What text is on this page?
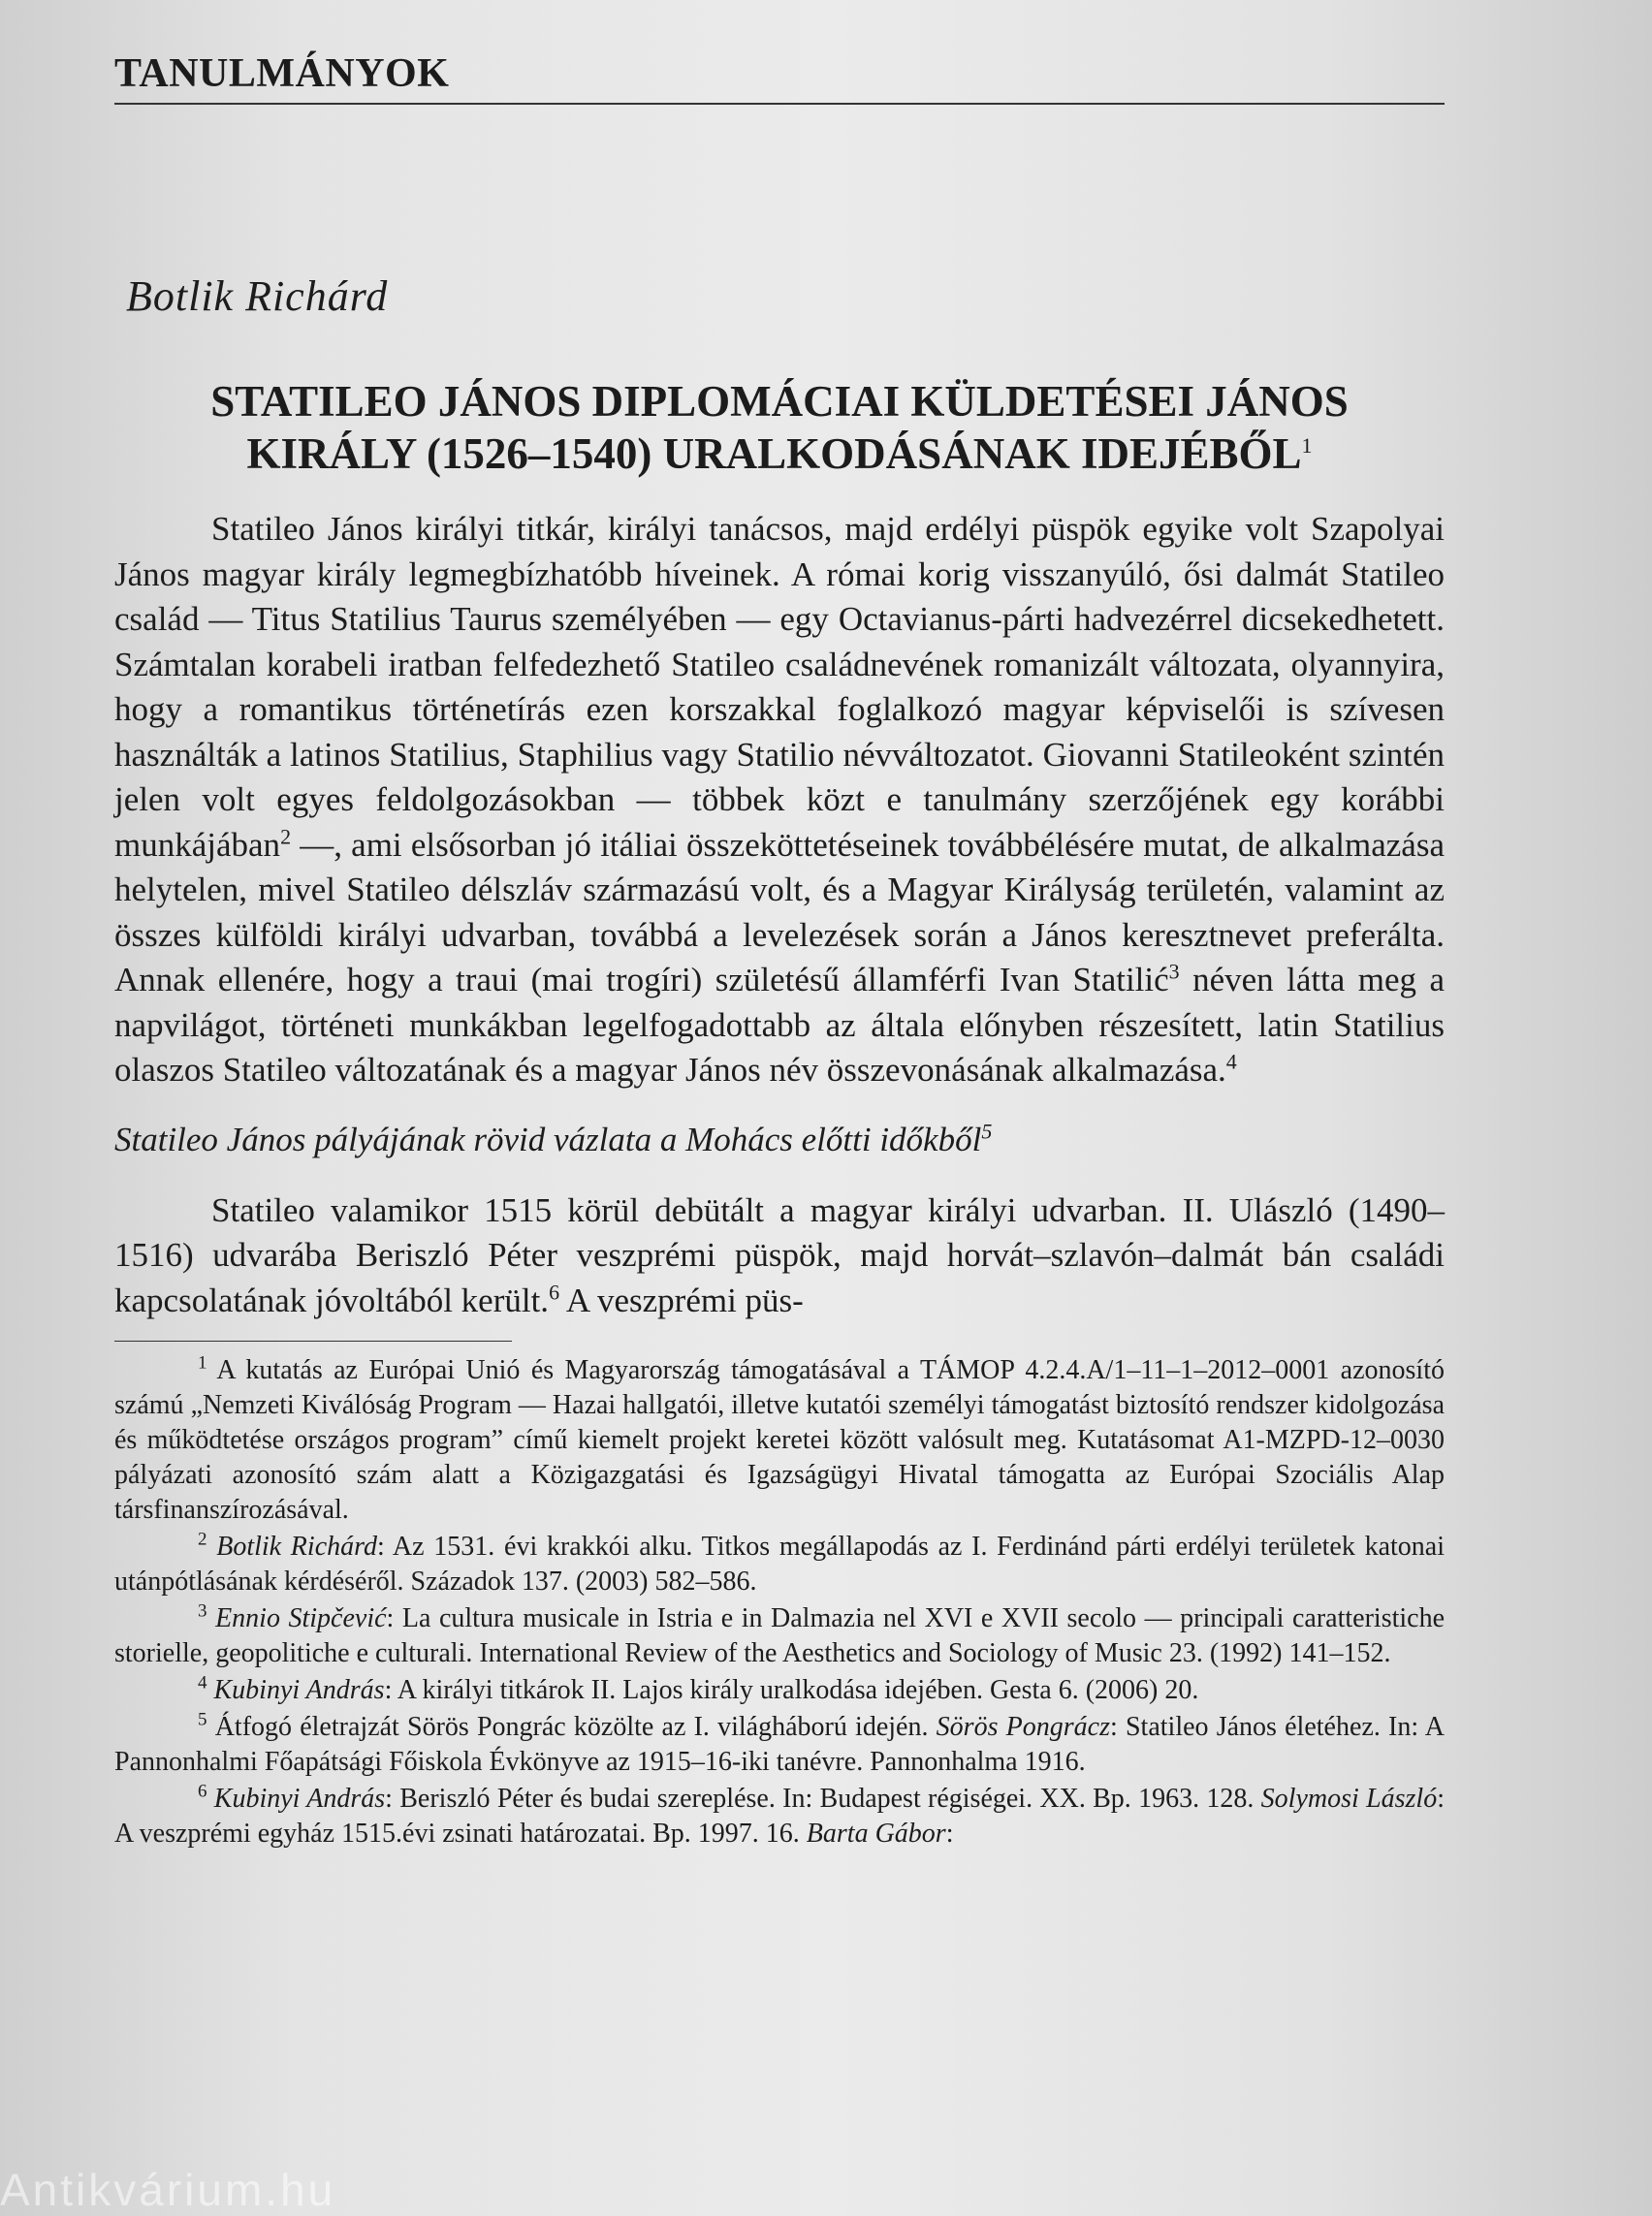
TANULMÁNYOK
Botlik Richárd
STATILEO JÁNOS DIPLOMÁCIAI KÜLDETÉSEI JÁNOS
KIRÁLY (1526–1540) URALKODÁSÁNAK IDEJÉBŐL$^1$

Statileo János királyi titkár, királyi tanácsos, majd erdélyi püspök egyike volt Szapolyai János magyar király legmegbízhatóbb híveinek. A római korig visszanyúló, ősi dalmát Statileo család — Titus Statilius Taurus személyében — egy Octavianus-párti hadvezérrel dicsekedhetett. Számtalan korabeli iratban felfedezhető Statileo családnevének romanizált változata, olyannyira, hogy a romantikus történetírás ezen korszakkal foglalkozó magyar képviselői is szívesen használták a latinos Statilius, Staphilius vagy Statilio névváltozatot. Giovanni Statileoként szintén jelen volt egyes feldolgozásokban — többek közt e tanulmány szerzőjének egy korábbi munkájában$^2$ —, ami elsősorban jó itáliai összeköttetéseinek továbbélésére mutat, de alkalmazása helytelen, mivel Statileo délszláv származású volt, és a Magyar Királyság területén, valamint az összes külföldi királyi udvarban, továbbá a levelezések során a János keresztnevet preferálta. Annak ellenére, hogy a traui (mai trogíri) születésű államférfi Ivan Statilić$^3$ néven látta meg a napvilágot, történeti munkákban legelfogadottabb az általa előnyben részesített, latin Statilius olaszos Statileo változatának és a magyar János név összevonásának alkalmazása.$^4$

Statileo János pályájának rövid vázlata a Mohács előtti időkből$^5$

Statileo valamikor 1515 körül debütált a magyar királyi udvarban. II. Ulászló (1490–1516) udvarába Beriszló Péter veszprémi püspök, majd horvát–szlavón–dalmát bán családi kapcsolatának jóvoltából került.$^6$ A veszprémi püs-

$^1$ A kutatás az Európai Unió és Magyarország támogatásával a TÁMOP 4.2.4.A/1–11–1–2012–0001 azonosító számú „Nemzeti Kiválóság Program — Hazai hallgatói, illetve kutatói személyi támogatást biztosító rendszer kidolgozása és működtetése országos program” című kiemelt projekt keretei között valósult meg. Kutatásomat A1-MZPD-12–0030 pályázati azonosító szám alatt a Közigazgatási és Igazságügyi Hivatal támogatta az Európai Szociális Alap társfinanszírozásával.

$^2$ Botlik Richárd: Az 1531. évi krakkói alku. Titkos megállapodás az I. Ferdinánd párti erdélyi területek katonai utánpótlásának kérdéséről. Századok 137. (2003) 582–586.

$^3$ Ennio Stipčević: La cultura musicale in Istria e in Dalmazia nel XVI e XVII secolo — principali caratteristiche storielle, geopolitiche e culturali. International Review of the Aesthetics and Sociology of Music 23. (1992) 141–152.

$^4$ Kubinyi András: A királyi titkárok II. Lajos király uralkodása idejében. Gesta 6. (2006) 20.

$^5$ Átfogó életrajzát Sörös Pongrác közölte az I. világháború idején. Sörös Pongrácz: Statileo János életéhez. In: A Pannonhalmi Főapátsági Főiskola Évkönyve az 1915–16-iki tanévre. Pannonhalma 1916.

$^6$ Kubinyi András: Beriszló Péter és budai szereplése. In: Budapest régiségei. XX. Bp. 1963. 128. Solymosi László: A veszprémi egyház 1515.évi zsinati határozatai. Bp. 1997. 16. Barta Gábor:

Antikvárium.hu
